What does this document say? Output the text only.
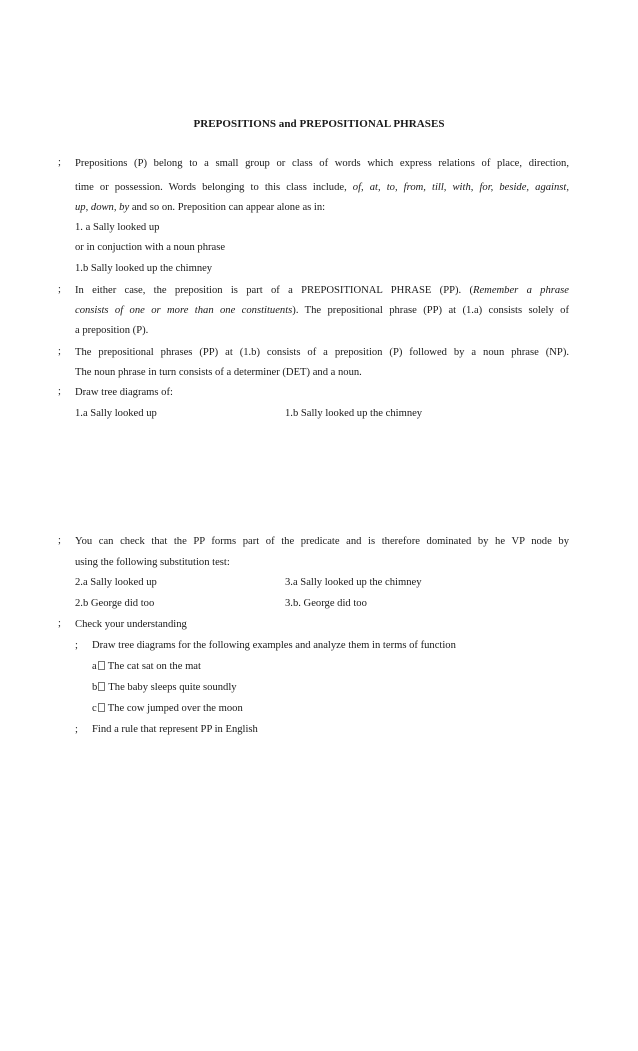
PREPOSITIONS and PREPOSITIONAL PHRASES
; Prepositions (P) belong to a small group or class of words which express relations of place, direction,
time or possession. Words belonging to this class include, of, at, to, from, till, with, for, beside, against,
up, down, by and so on. Preposition can appear alone as in:
1. a Sally looked up
or in conjuction with a noun phrase
1.b Sally looked up the chimney
; In either case, the preposition is part of a PREPOSITIONAL PHRASE (PP). (Remember a phrase
consists of one or more than one constituents). The prepositional phrase (PP) at (1.a) consists solely of
a preposition (P).
; The prepositional phrases (PP) at (1.b) consists of a preposition (P) followed by a noun phrase (NP).
The noun phrase in turn consists of a determiner (DET) and a noun.
; Draw tree diagrams of:
1.a Sally looked up	1.b Sally looked up the chimney
; You can check that the PP forms part of the predicate and is therefore dominated by he VP node by
using the following substitution test:
2.a Sally looked up	3.a Sally looked up the chimney
2.b George did too	3.b. George did too
; Check your understanding
; Draw tree diagrams for the following examples and analyze them in terms of function
a The cat sat on the mat
b The baby sleeps quite soundly
c The cow jumped over the moon
; Find a rule that represent PP in English
